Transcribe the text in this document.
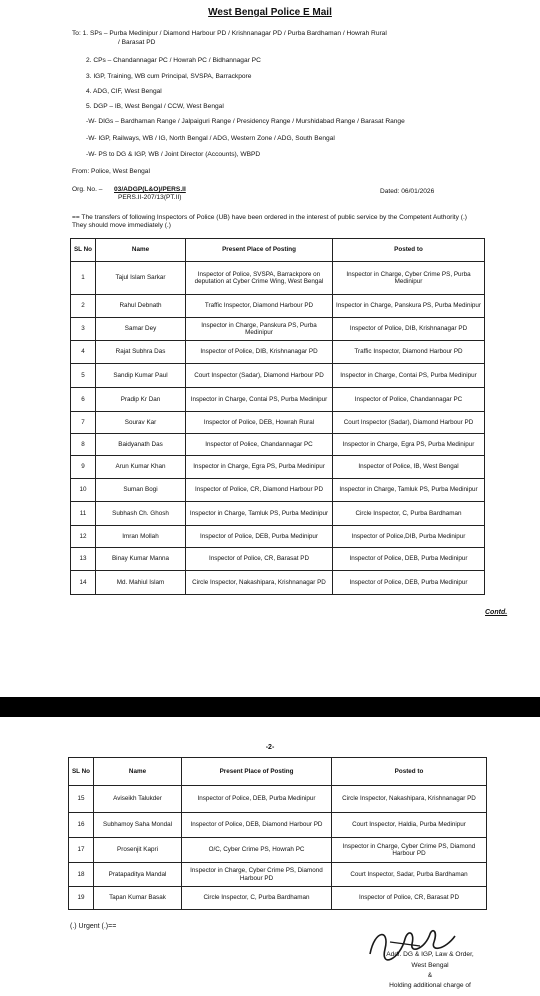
West Bengal Police E Mail
To: 1. SPs – Purba Medinipur / Diamond Harbour PD / Krishnanagar PD / Purba Bardhaman / Howrah Rural
/ Barasat PD
2. CPs – Chandannagar PC / Howrah PC / Bidhannagar PC
3. IGP, Training, WB cum Principal, SVSPA, Barrackpore
4. ADG, CIF, West Bengal
5. DGP – IB, West Bengal / CCW, West Bengal
-W- DIGs – Bardhaman Range / Jalpaiguri Range / Presidency Range / Murshidabad Range / Barasat Range
-W- IGP, Railways, WB / IG, North Bengal / ADG, Western Zone / ADG, South Bengal
-W- PS to DG & IGP, WB / Joint Director (Accounts), WBPD
From: Police, West Bengal
Org. No. – 03/ADGP(L&O)/PERS.II
PERS.II-207/13(PT.II)
Dated: 06/01/2026
== The transfers of following Inspectors of Police (UB) have been ordered in the interest of public service by the Competent Authority (.) They should move immediately (.)
SL No	Name	Present Place of Posting	Posted to
1	Tajul Islam Sarkar	Inspector of Police, SVSPA, Barrackpore on deputation at Cyber Crime Wing, West Bengal	Inspector in Charge, Cyber Crime PS, Purba Medinipur
2	Rahul Debnath	Traffic Inspector, Diamond Harbour PD	Inspector in Charge, Panskura PS, Purba Medinipur
3	Samar Dey	Inspector in Charge, Panskura PS, Purba Medinipur	Inspector of Police, DIB, Krishnanagar PD
4	Rajat Subhra Das	Inspector of Police, DIB, Krishnanagar PD	Traffic Inspector, Diamond Harbour PD
5	Sandip Kumar Paul	Court Inspector (Sadar), Diamond Harbour PD	Inspector in Charge, Contai PS, Purba Medinipur
6	Pradip Kr Dan	Inspector in Charge, Contai PS, Purba Medinipur	Inspector of Police, Chandannagar PC
7	Sourav Kar	Inspector of Police, DEB, Howrah Rural	Court Inspector (Sadar), Diamond Harbour PD
8	Baidyanath Das	Inspector of Police, Chandannagar PC	Inspector in Charge, Egra PS, Purba Medinipur
9	Arun Kumar Khan	Inspector in Charge, Egra PS, Purba Medinipur	Inspector of Police, IB, West Bengal
10	Suman Bogi	Inspector of Police, CR, Diamond Harbour PD	Inspector in Charge, Tamluk PS, Purba Medinipur
11	Subhash Ch. Ghosh	Inspector in Charge, Tamluk PS, Purba Medinipur	Circle Inspector, C, Purba Bardhaman
12	Imran Mollah	Inspector of Police, DEB, Purba Medinipur	Inspector of Police,DIB, Purba Medinipur
13	Binay Kumar Manna	Inspector of Police, CR, Barasat PD	Inspector of Police, DEB, Purba Medinipur
14	Md. Mahiul Islam	Circle Inspector, Nakashipara, Krishnanagar PD	Inspector of Police, DEB, Purba Medinipur
Contd.
-2-
SL No	Name	Present Place of Posting	Posted to
15	Aviseikh Talukder	Inspector of Police, DEB, Purba Medinipur	Circle Inspector, Nakashipara, Krishnanagar PD
16	Subhamoy Saha Mondal	Inspector of Police, DEB, Diamond Harbour PD	Court Inspector, Haldia, Purba Medinipur
17	Prosenjit Kapri	O/C, Cyber Crime PS, Howrah PC	Inspector in Charge, Cyber Crime PS, Diamond Harbour PD
18	Pratapaditya Mandal	Inspector in Charge, Cyber Crime PS, Diamond Harbour PD	Court Inspector, Sadar, Purba Bardhaman
19	Tapan Kumar Basak	Circle Inspector, C, Purba Bardhaman	Inspector of Police, CR, Barasat PD
(.) Urgent (.)==
Addl. DG & IGP, Law & Order,
West Bengal
&
Holding additional charge of
